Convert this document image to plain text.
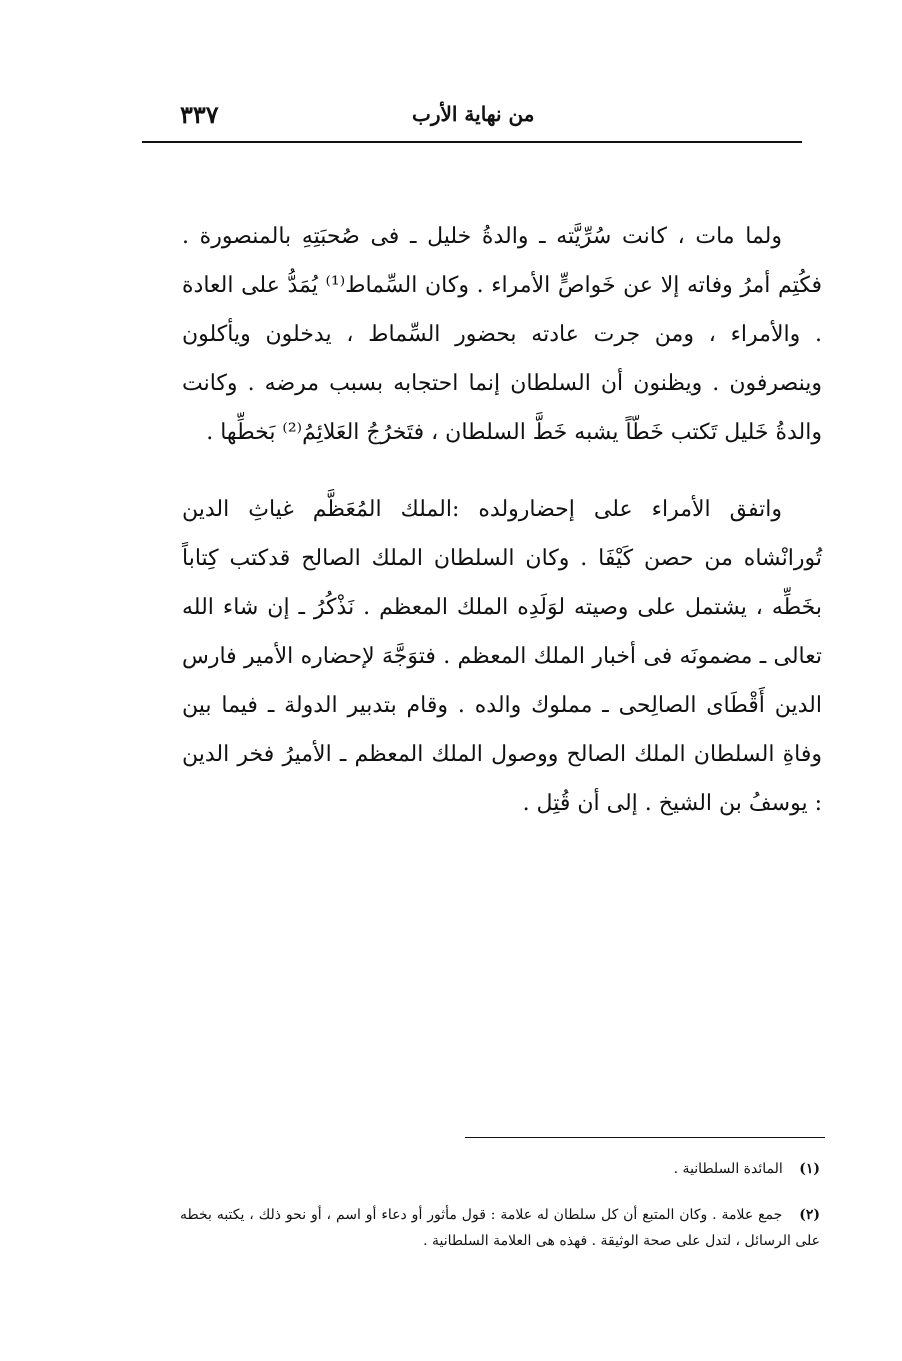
٣٣٧	من نهاية الأرب

ولما مات ، كانت سُرِّيَّته ـ والدةُ خليل ـ فى صُحبَتِهِ بالمنصورة . فكُتِم أمرُ وفاته إلا عن خَواصٍّ الأمراء . وكان السِّماط⁽¹⁾ يُمَدُّ على العادة . والأمراء ، ومن جرت عادته بحضور السِّماط ، يدخلون ويأكلون وينصرفون . ويظنون أن السلطان إنما احتجابه بسبب مرضه . وكانت والدةُ خَليل تَكتب خَطّاً يشبه خَطَّ السلطان ، فتَخرُجُ العَلائِمُ⁽²⁾ بَخطِّها .

واتفق الأمراء على إحضارولده :الملك المُعَظَّم غياثِ الدين تُورانْشاه من حصن كَيْفَا . وكان السلطان الملك الصالح قدكتب كِتاباً بخَطِّه ، يشتمل على وصيته لوَلَدِه الملك المعظم . نَذْكُرُ ـ إن شاء الله تعالى ـ مضمونَه فى أخبار الملك المعظم . فتوَجَّهَ لإحضاره الأمير فارس الدين أَقْطَاى الصالِحى ـ مملوك والده . وقام بتدبير الدولة ـ فيما بين وفاةِ السلطان الملك الصالح ووصول الملك المعظم ـ الأميرُ فخر الدين : يوسفُ بن الشيخ . إلى أن قُتِل .

(١) المائدة السلطانية .

(٢) جمع علامة . وكان المتبع أن كل سلطان له علامة : قول مأثور أو دعاء أو اسم ، أو نحو ذلك ، يكتبه بخطه على الرسائل ، لتدل على صحة الوثيقة . فهذه هى العلامة السلطانية .
